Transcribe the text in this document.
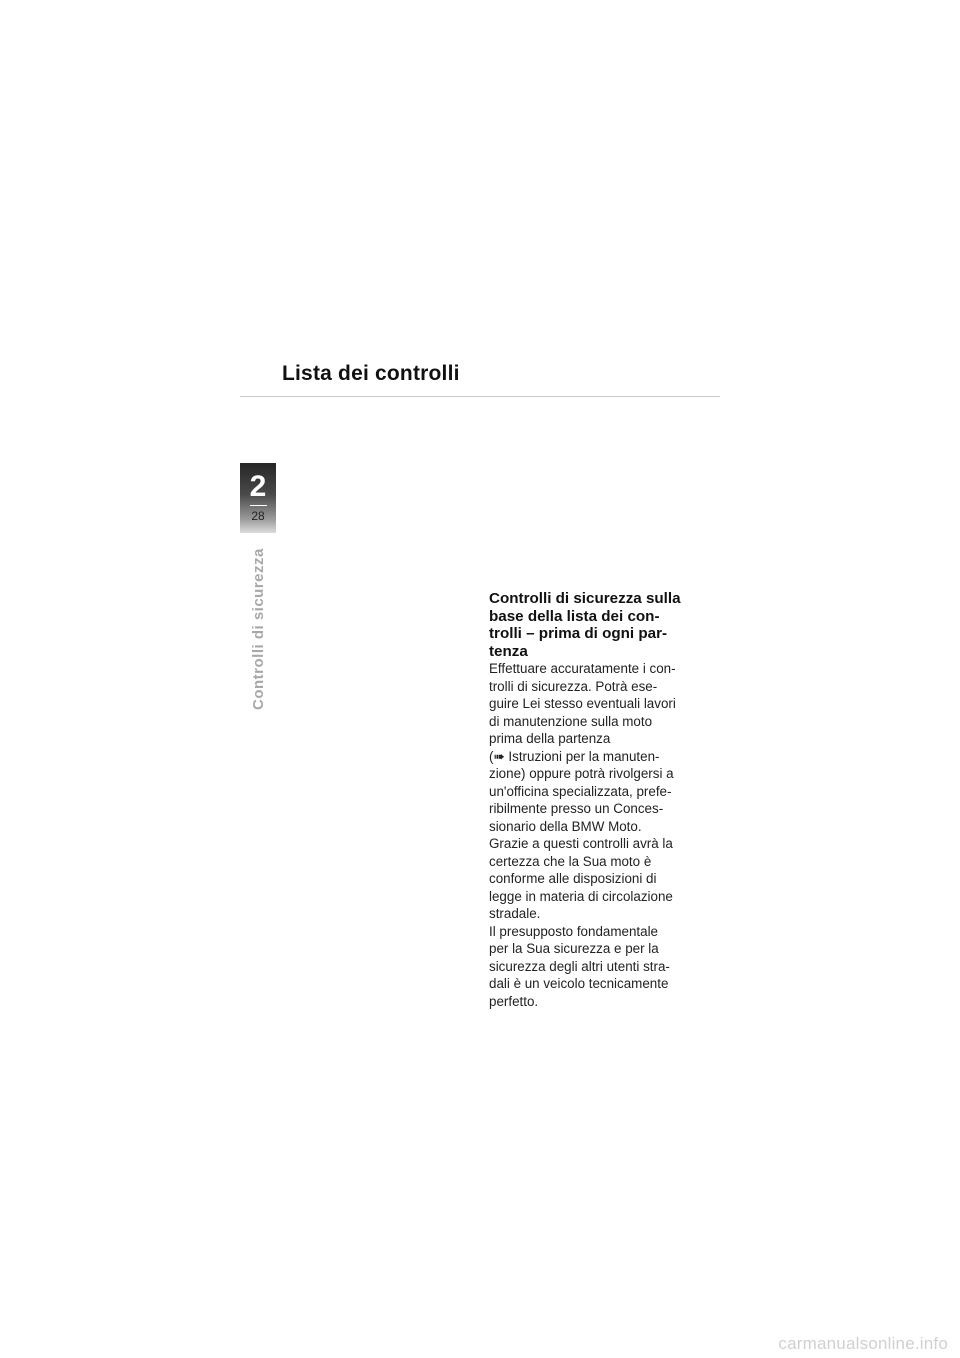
Lista dei controlli
2
28
Controlli di sicurezza	Controlli di sicurezza sulla
base della lista dei con-
trolli – prima di ogni par-
tenza

Effettuare accuratamente i con-
trolli di sicurezza. Potrà ese-
guire Lei stesso eventuali lavori
di manutenzione sulla moto
prima della partenza
(➠ Istruzioni per la manuten-
zione) oppure potrà rivolgersi a
un'officina specializzata, prefe-
ribilmente presso un Conces-
sionario della BMW Moto.
Grazie a questi controlli avrà la
certezza che la Sua moto è
conforme alle disposizioni di
legge in materia di circolazione
stradale.
Il presupposto fondamentale
per la Sua sicurezza e per la
sicurezza degli altri utenti stra-
dali è un veicolo tecnicamente
perfetto.

carmanualsonline.info
